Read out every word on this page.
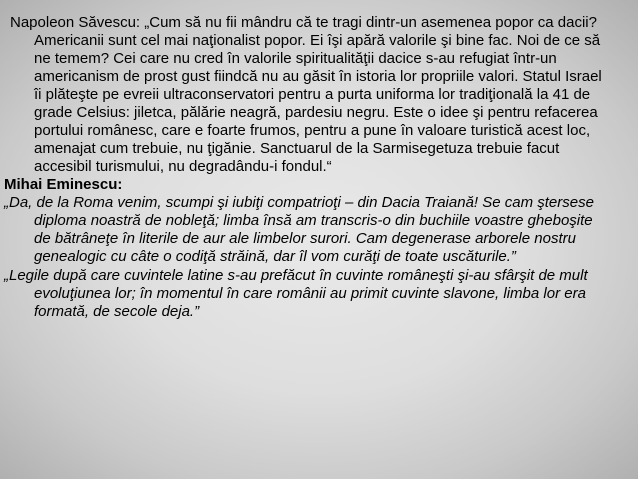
Napoleon Săvescu: „Cum să nu fii mândru că te tragi dintr-un asemenea popor ca dacii? Americanii sunt cel mai naţionalist popor. Ei îşi apără valorile şi bine fac. Noi de ce să ne temem? Cei care nu cred în valorile spiritualităţii dacice s-au refugiat într-un americanism de prost gust fiindcă nu au găsit în istoria lor propriile valori. Statul Israel îi plăteşte pe evreii ultraconservatori pentru a purta uniforma lor tradiţională la 41 de grade Celsius: jiletca, pălărie neagră, pardesiu negru. Este o idee şi pentru refacerea portului românesc, care e foarte frumos, pentru a pune în valoare turistică acest loc, amenajat cum trebuie, nu ţigănie. Sanctuarul de la Sarmisegetuza trebuie facut accesibil turismului, nu degradându-i fondul.“

Mihai Eminescu:

„Da, de la Roma venim, scumpi şi iubiţi compatrioţi – din Dacia Traiană! Se cam ştersese diploma noastră de nobleţă; limba însă am transcris-o din buchiile voastre gheboşite de bătrâneţe în literile de aur ale limbelor surori. Cam degenerase arborele nostru genealogic cu câte o codiţă străină, dar îl vom curăţi de toate uscăturile.”

„Legile după care cuvintele latine s-au prefăcut în cuvinte româneşti şi-au sfârşit de mult evoluţiunea lor; în momentul în care românii au primit cuvinte slavone, limba lor era formată, de secole deja.”
